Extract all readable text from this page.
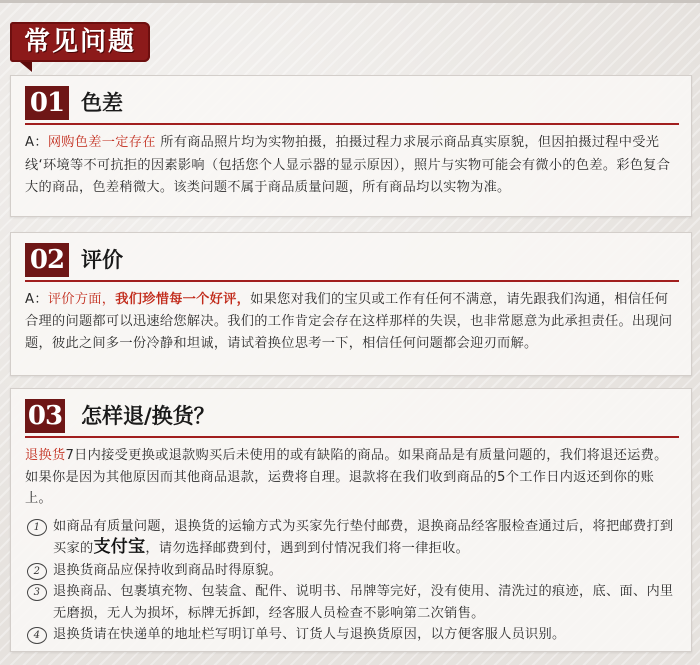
常见问题
01 色差
A：网购色差一定存在 所有商品照片均为实物拍摄，拍摄过程力求展示商品真实原貌，但因拍摄过程中受光线‘环境等不可抗拒的因素影响（包括您个人显示器的显示原因），照片与实物可能会有微小的色差。彩色复合大的商品，色差稍微大。该类问题不属于商品质量问题，所有商品均以实物为准。
02 评价
A：评价方面，我们珍惜每一个好评，如果您对我们的宝贝或工作有任何不满意，请先跟我们沟通，相信任何合理的问题都可以迅速给您解决。我们的工作肯定会存在这样那样的失误，也非常愿意为此承担责任。出现问题，彼此之间多一份冷静和坦诚，请试着换位思考一下，相信任何问题都会迎刃而解。
03 怎样退/换货？
退换货7日内接受更换或退款购买后未使用的或有缺陷的商品。如果商品是有质量问题的，我们将退还运费。如果你是因为其他原因而其他商品退款，运费将自理。退款将在我们收到商品的5个工作日内返还到你的账上。
1 如商品有质量问题，退换货的运输方式为买家先行垫付邮费，退换商品经客服检查通过后，将把邮费打到买家的支付宝，请勿选择邮费到付，遇到到付情况我们将一律拒收。
2 退换货商品应保持收到商品时得原貌。
3 退换商品、包裹填充物、包装盒、配件、说明书、吊牌等完好，没有使用、清洗过的痕迹，底、面、内里无磨损，无人为损坏，标牌无拆卸，经客服人员检查不影响第二次销售。
4 退换货请在快递单的地址栏写明订单号、订货人与退换货原因，以方便客服人员识别。
